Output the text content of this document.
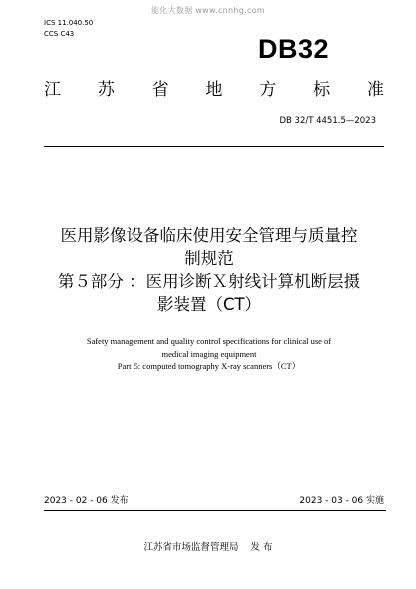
能化大数据 www.cnnhg.com
ICS 11.040.50
CCS C43	DB32
江 苏 省 地 方 标 准
DB 32/T 4451.5—2023
医用影像设备临床使用安全管理与质量控
制规范
第５部分 ：医用诊断Ｘ射线计算机断层摄
影装置（CT）
Safety management and quality control specifications for clinical use of
medical imaging equipment
Part 5: computed tomography X-ray scanners（CT）
2023 - 02 - 06 发布	2023 - 03 - 06 实施
江苏省市场监督管理局    发 布
